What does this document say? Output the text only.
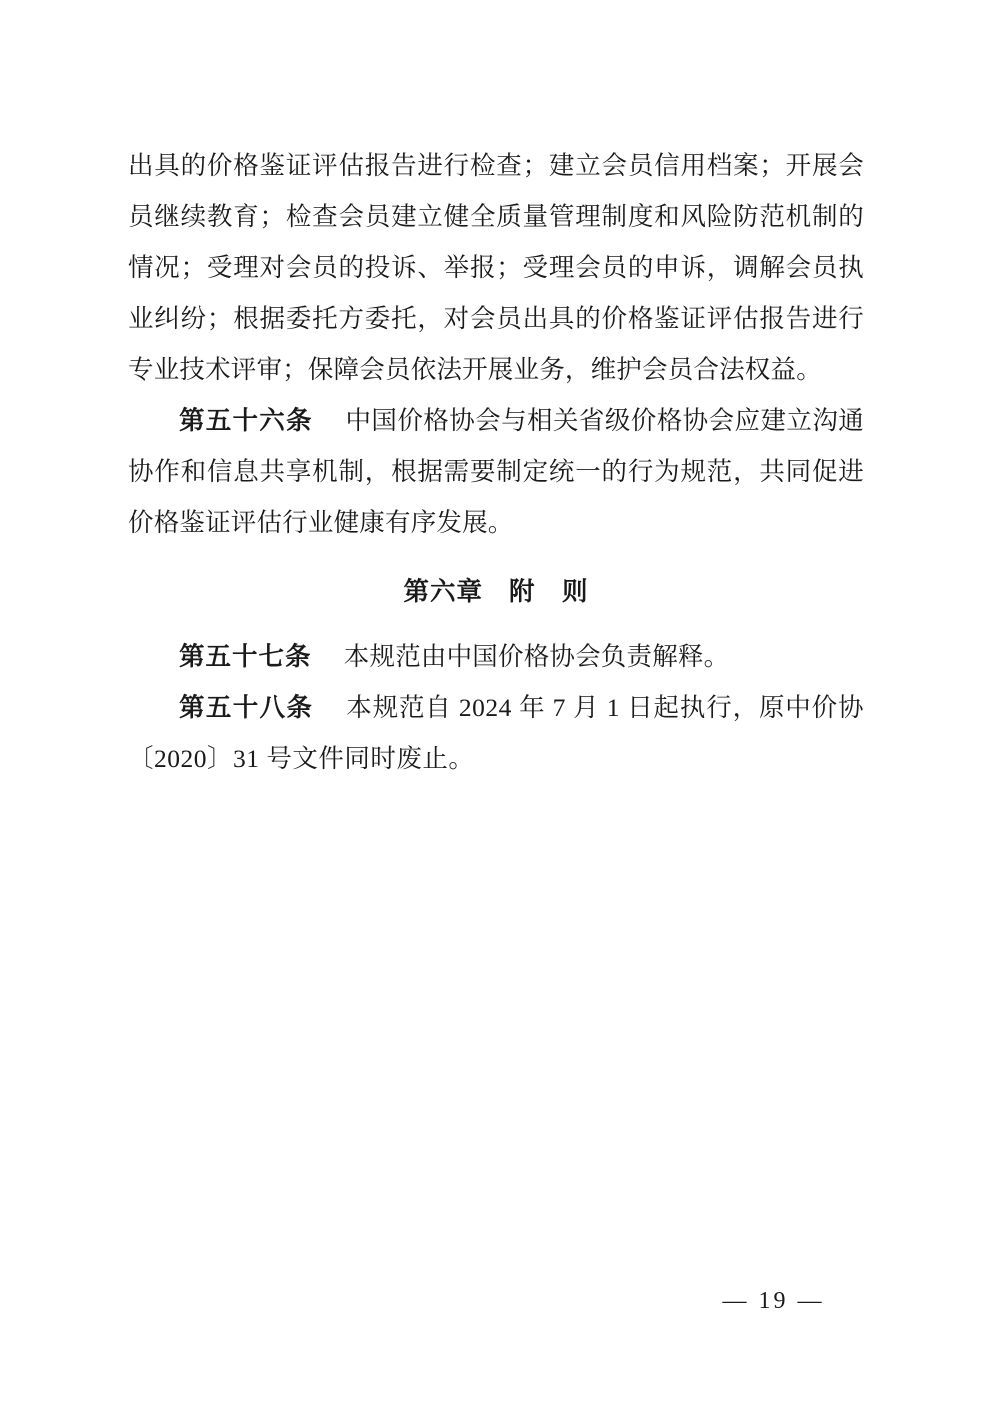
出具的价格鉴证评估报告进行检查；建立会员信用档案；开展会员继续教育；检查会员建立健全质量管理制度和风险防范机制的情况；受理对会员的投诉、举报；受理会员的申诉，调解会员执业纠纷；根据委托方委托，对会员出具的价格鉴证评估报告进行专业技术评审；保障会员依法开展业务，维护会员合法权益。

第五十六条 　 中国价格协会与相关省级价格协会应建立沟通协作和信息共享机制，根据需要制定统一的行为规范，共同促进价格鉴证评估行业健康有序发展。

第六章　 附　则

第五十七条 　 本规范由中国价格协会负责解释。

第五十八条 　 本规范自 2024 年 7 月 1 日起执行，原中价协〔2020〕31 号文件同时废止。

— 19 —
